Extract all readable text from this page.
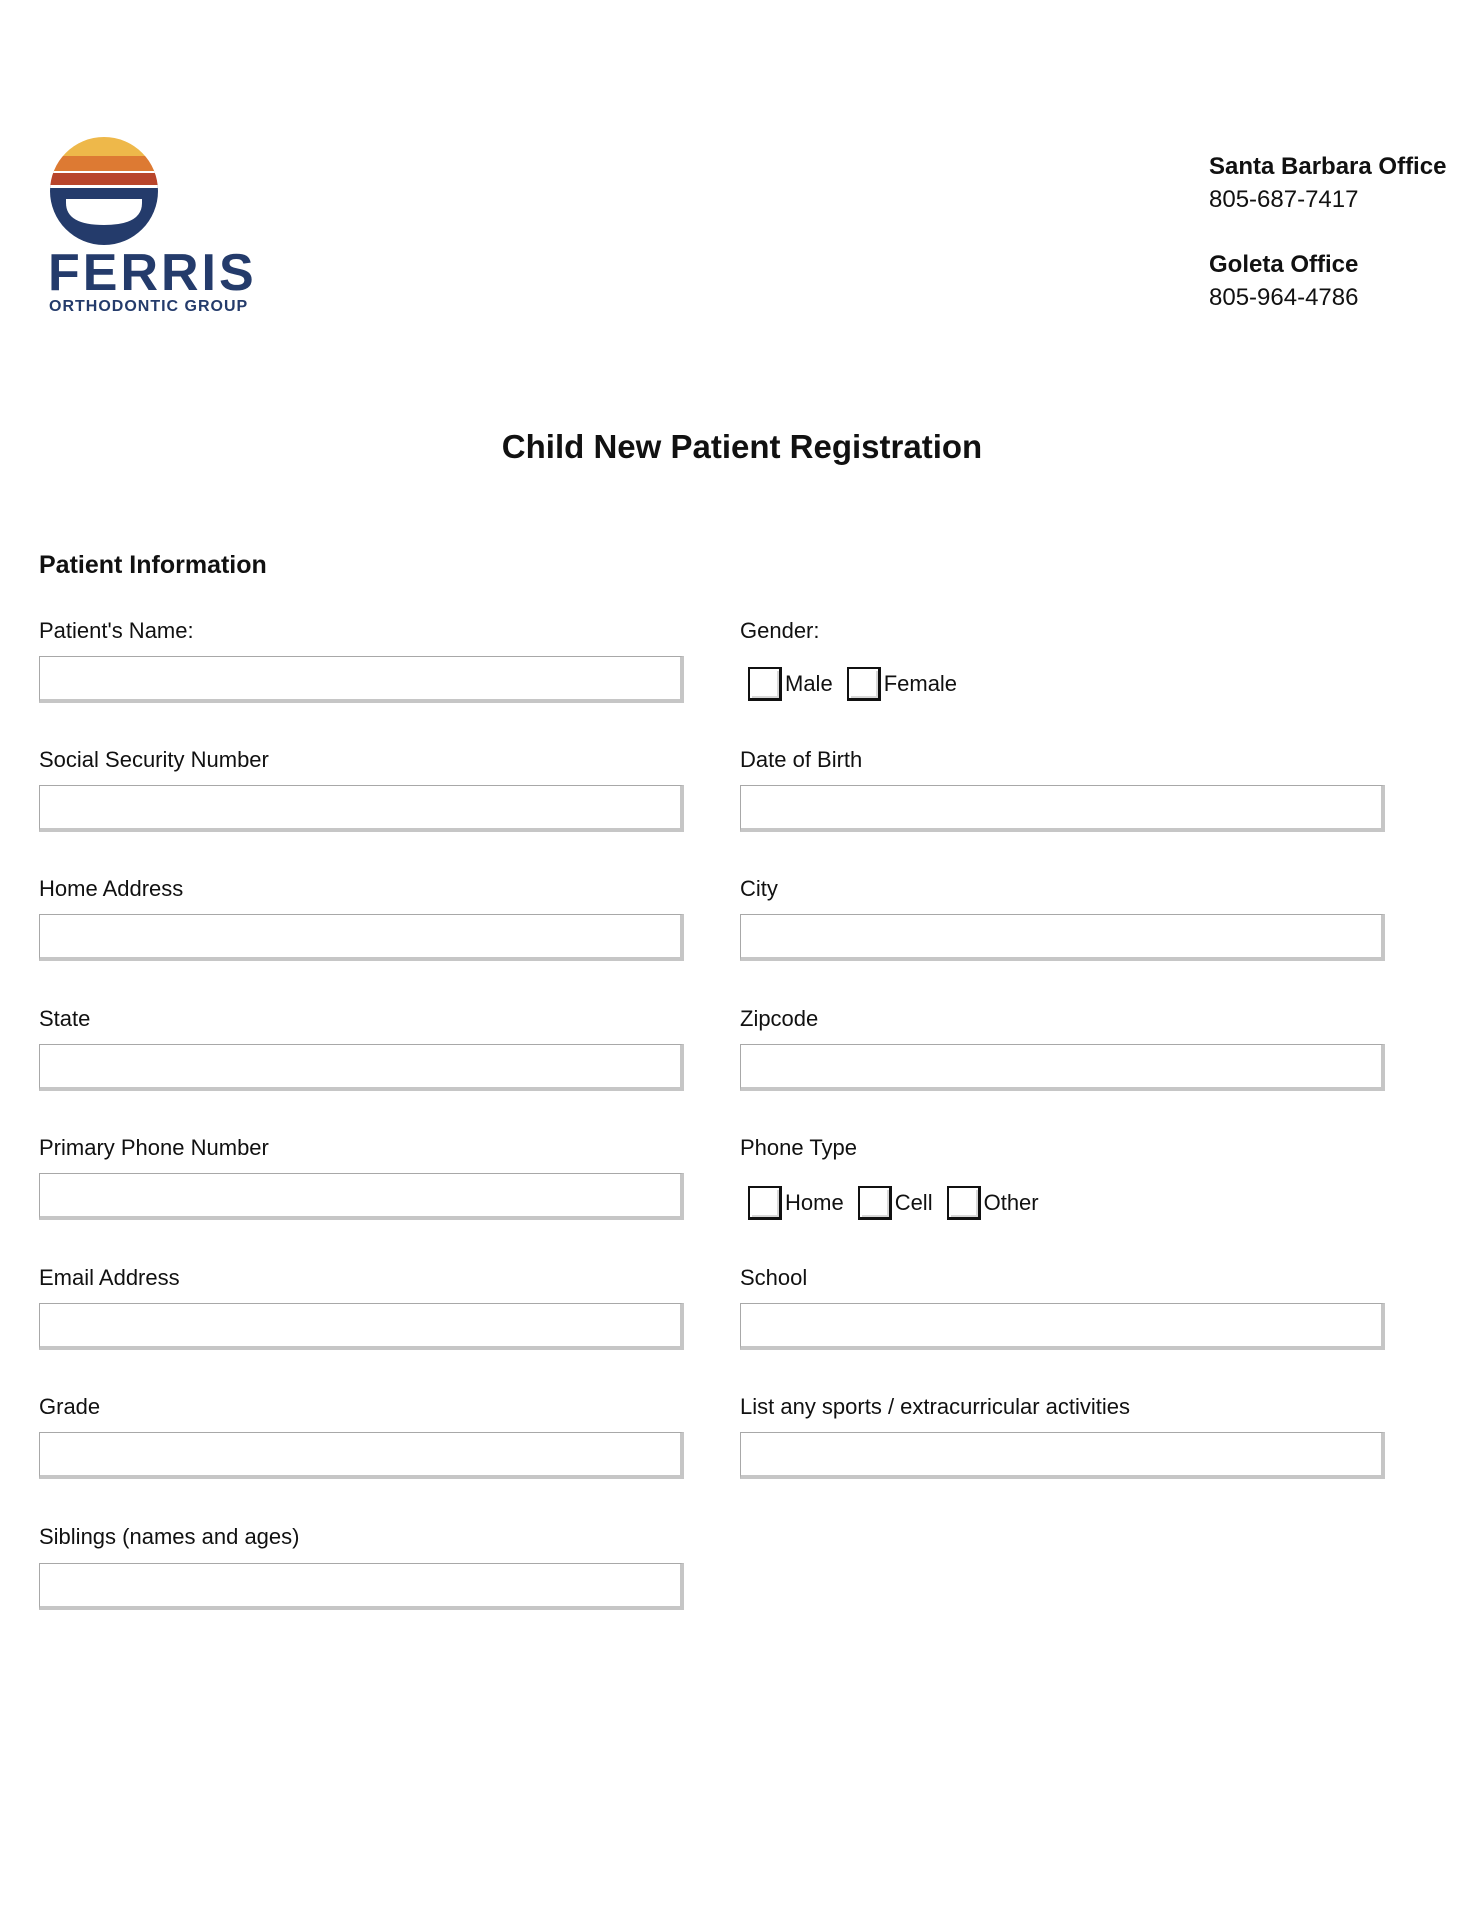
FERRIS
ORTHODONTIC GROUP
Santa Barbara Office
805-687-7417
Goleta Office
805-964-4786
Child New Patient Registration
Patient Information
Patient's Name:	Gender:
Male Female
Social Security Number	Date of Birth
Home Address	City
State	Zipcode
Primary Phone Number	Phone Type
Home Cell Other
Email Address	School
Grade	List any sports / extracurricular activities
Siblings (names and ages)
